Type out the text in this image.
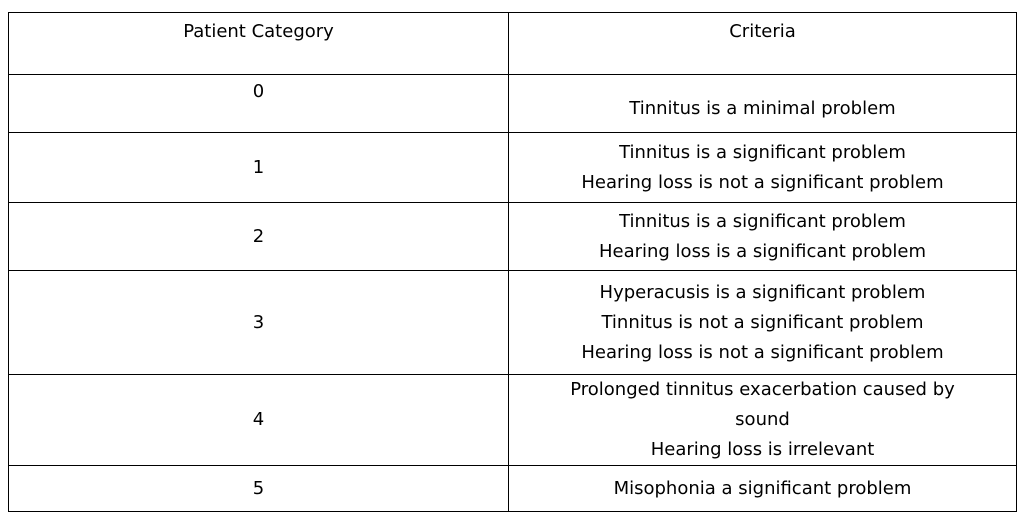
Patient Category	Criteria
0	Tinnitus is a minimal problem

1	Tinnitus is a significant problem
Hearing loss is not a significant problem

2	Tinnitus is a significant problem
Hearing loss is a significant problem

3	Hyperacusis is a significant problem
Tinnitus is not a significant problem
Hearing loss is not a significant problem

4	Prolonged tinnitus exacerbation caused by
sound
Hearing loss is irrelevant

5	Misophonia a significant problem
